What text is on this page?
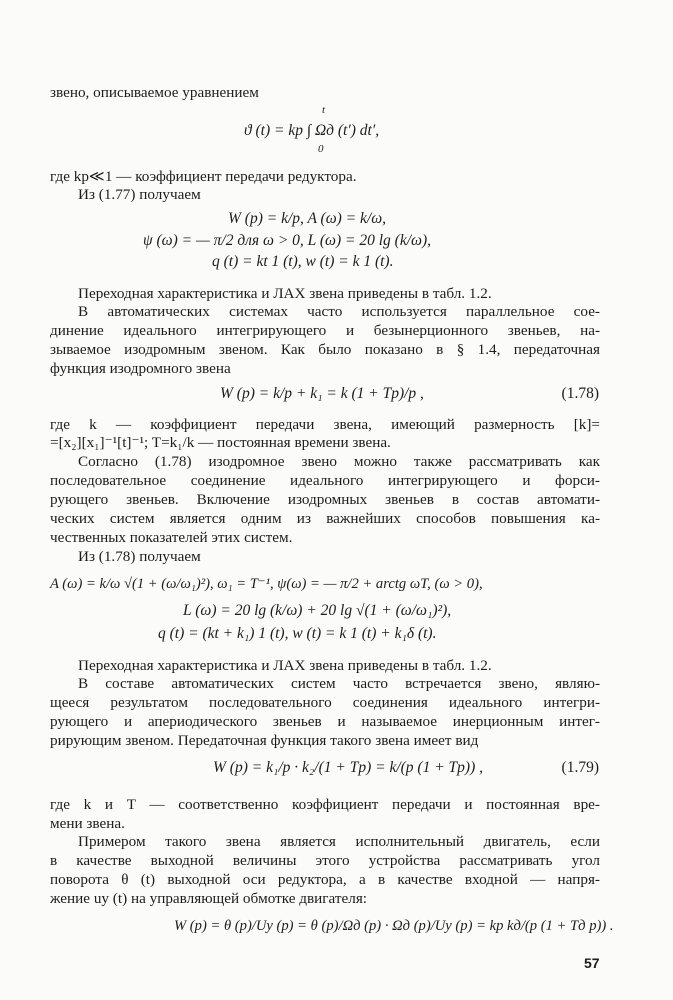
звено, описываемое уравнением
ϑ (t) = kр ∫ Ωд (t′) dt′,
t
0
где kр≪1 — коэффициент передачи редуктора.
Из (1.77) получаем
W (p) = k/p, A (ω) = k/ω,
ψ (ω) = — π/2 для ω > 0, L (ω) = 20 lg (k/ω),
q (t) = kt 1 (t), w (t) = k 1 (t).
Переходная характеристика и ЛАХ звена приведены в табл. 1.2.
В автоматических системах часто используется параллельное сое-
динение идеального интегрирующего и безынерционного звеньев, на-
зываемое изодромным звеном. Как было показано в § 1.4, передаточная
функция изодромного звена
W (p) = k/p + k₁ = k (1 + Tp)/p ,	(1.78)
где k — коэффициент передачи звена, имеющий размерность [k]=
=[x₂][x₁]⁻¹[t]⁻¹; T=k₁/k — постоянная времени звена.
Согласно (1.78) изодромное звено можно также рассматривать как
последовательное соединение идеального интегрирующего и форси-
рующего звеньев. Включение изодромных звеньев в состав автомати-
ческих систем является одним из важнейших способов повышения ка-
чественных показателей этих систем.
Из (1.78) получаем
A (ω) = k/ω √(1 + (ω/ω₁)²), ω₁ = T⁻¹, ψ(ω) = — π/2 + arctg ωT, (ω > 0),
L (ω) = 20 lg (k/ω) + 20 lg √(1 + (ω/ω₁)²),
q (t) = (kt + k₁) 1 (t), w (t) = k 1 (t) + k₁δ (t).
Переходная характеристика и ЛАХ звена приведены в табл. 1.2.
В составе автоматических систем часто встречается звено, являю-
щееся результатом последовательного соединения идеального интегри-
рующего и апериодического звеньев и называемое инерционным интег-
рирующим звеном. Передаточная функция такого звена имеет вид
W (p) = k₁/p · k₂/(1 + Tp) = k/(p (1 + Tp)) ,	(1.79)
где k и T — соответственно коэффициент передачи и постоянная вре-
мени звена.
Примером такого звена является исполнительный двигатель, если
в качестве выходной величины этого устройства рассматривать угол
поворота θ (t) выходной оси редуктора, а в качестве входной — напря-
жение uу (t) на управляющей обмотке двигателя:
W (p) = θ (p)/Uу (p) = θ (p)/Ωд (p) · Ωд (p)/Uу (p) = kр kд/(p (1 + Tд p)) .
57
